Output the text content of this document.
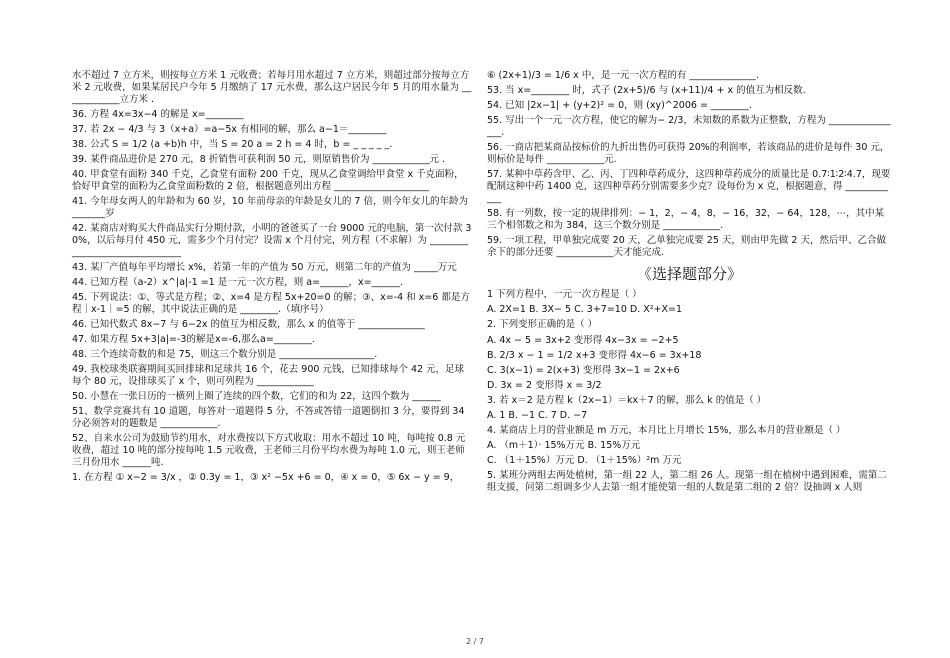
水不超过 7 立方米，则按每立方米 1 元收费；若每月用水超过 7 立方米，则超过部分按每立方米 2 元收费，如果某居民户今年 5 月缴纳了 17 元水费，那么这户居民今年 5 月的用水量为 ____________立方米 .

36. 方程 4x=3x−4 的解是 x=________

37. 若 2x − 4/3 与 3（x+a）=a−5x 有相同的解，那么 a−1＝________

38. 公式 S = 1/2 (a +b)h 中，当 S = 20 a = 2 h = 4 时，b = _ _ _ _ _.

39. 某件商品进价是 270 元，8 折销售可获利润 50 元，则原销售价为 ____________元 .

40. 甲食堂有面粉 340 千克，乙食堂有面粉 200 千克，现从乙食堂调给甲食堂 x 千克面粉，恰好甲食堂的面粉为乙食堂面粉数的 2 倍，根据题意列出方程 ____________________

41. 今年母女两人的年龄和为 60 岁，10 年前母亲的年龄是女儿的 7 倍，则今年女儿的年龄为_______岁

42. 某商店对购买大件商品实行分期付款，小明的爸爸买了一台 9000 元的电脑，第一次付款 30%，以后每月付 450 元，需多少个月付完？设需 x 个月付完，列方程（不求解）为 _______________________________

43. 某厂产值每年平均增长 x%，若第一年的产值为 50 万元，则第二年的产值为 _____万元

44. 已知方程（a-2）x^|a|-1 =1 是一元一次方程，则 a=______，x=______.

45. 下列说法：①、等式是方程；②、x=4 是方程 5x+20=0 的解；③、x=-4 和 x=6 都是方程｜x-1｜=5 的解，其中说法正确的是 ________.（填序号）

46. 已知代数式 8x−7 与 6−2x 的值互为相反数，那么 x 的值等于 ______________

47. 如果方程 5x+3|a|=-3的解是x=-6,那么a=________.

48. 三个连续奇数的和是 75，则这三个数分别是 ____________________.

49. 我校球类联赛期间买回排球和足球共 16 个，花去 900 元钱，已知排球每个 42 元，足球每个 80 元，设排球买了 x 个，则可列程为 ____________

50. 小慧在一张日历的一横列上圈了连续的四个数，它们的和为 22，这四个数为 ______

51、数学竞赛共有 10 道题，每答对一道题得 5 分，不答或答错一道题倒扣 3 分，要得到 34 分必须答对的题数是 ____________.

52、自来水公司为鼓励节约用水，对水费按以下方式收取：用水不超过 10 吨，每吨按 0.8 元收费，超过 10 吨的部分按每吨 1.5 元收费，王老师三月份平均水费为每吨 1.0 元，则王老师三月份用水 ______吨.

1. 在方程 ① x−2 = 3/x ，② 0.3y = 1，③ x² −5x +6 = 0，④ x = 0，⑤ 6x − y = 9，

⑥ (2x+1)/3 = 1/6 x 中，是一元一次方程的有 ______________.

53. 当 x=________ 时，式子 (2x+5)/6 与 (x+11)/4 + x 的值互为相反数.

54. 已知 |2x−1| + (y+2)² = 0，则 (xy)^2006 = ________.

55. 写出一个一元一次方程，使它的解为− 2/3，未知数的系数为正整数，方程为 ________________.

56. 一商店把某商品按标价的九折出售仍可获得 20%的利润率，若该商品的进价是每件 30 元，则标价是每件 ____________元.

57. 某种中草药含甲、乙、丙、丁四种草药成分，这四种草药成分的质量比是 0.7∶1∶2∶4.7，现要配制这种中药 1400 克，这四种草药分别需要多少克？设每份为 x 克，根据题意，得 ____________

58. 有一列数，按一定的规律排列：− 1，2，− 4，8，− 16，32，− 64，128，⋯，其中某三个相邻数之和为 384，这三个数分别是 ____________.

59. 一项工程，甲单独完成要 20 天，乙单独完成要 25 天，则由甲先做 2 天，然后甲、乙合做余下的部分还要 ____________天才能完成.

《选择题部分》

1 下列方程中，一元一次方程是（ ）

A. 2X=1 B. 3X− 5 C. 3+7=10 D. X²+X=1

2. 下列变形正确的是（ ）

A. 4x − 5 = 3x+2 变形得 4x−3x = −2+5

B. 2/3 x − 1 = 1/2 x+3 变形得 4x−6 = 3x+18

C. 3(x−1) = 2(x+3) 变形得 3x−1 = 2x+6

D. 3x = 2 变形得 x = 3/2

3. 若 x＝2 是方程 k（2x−1）＝kx＋7 的解，那么 k 的值是（ ）

A. 1 B. −1 C. 7 D. −7

4. 某商店上月的营业额是 m 万元，本月比上月增长 15%，那么本月的营业额是（ ）

A. （m＋1）· 15%万元 B. 15%万元

C. （1＋15%）万元 D. （1＋15%）²m 万元

5. 某班分两组去两处植树，第一组 22 人，第二组 26 人。现第一组在植树中遇到困难，需第二组支援，问第二组调多少人去第一组才能使第一组的人数是第二组的 2 倍？设抽调 x 人则

2 / 7
